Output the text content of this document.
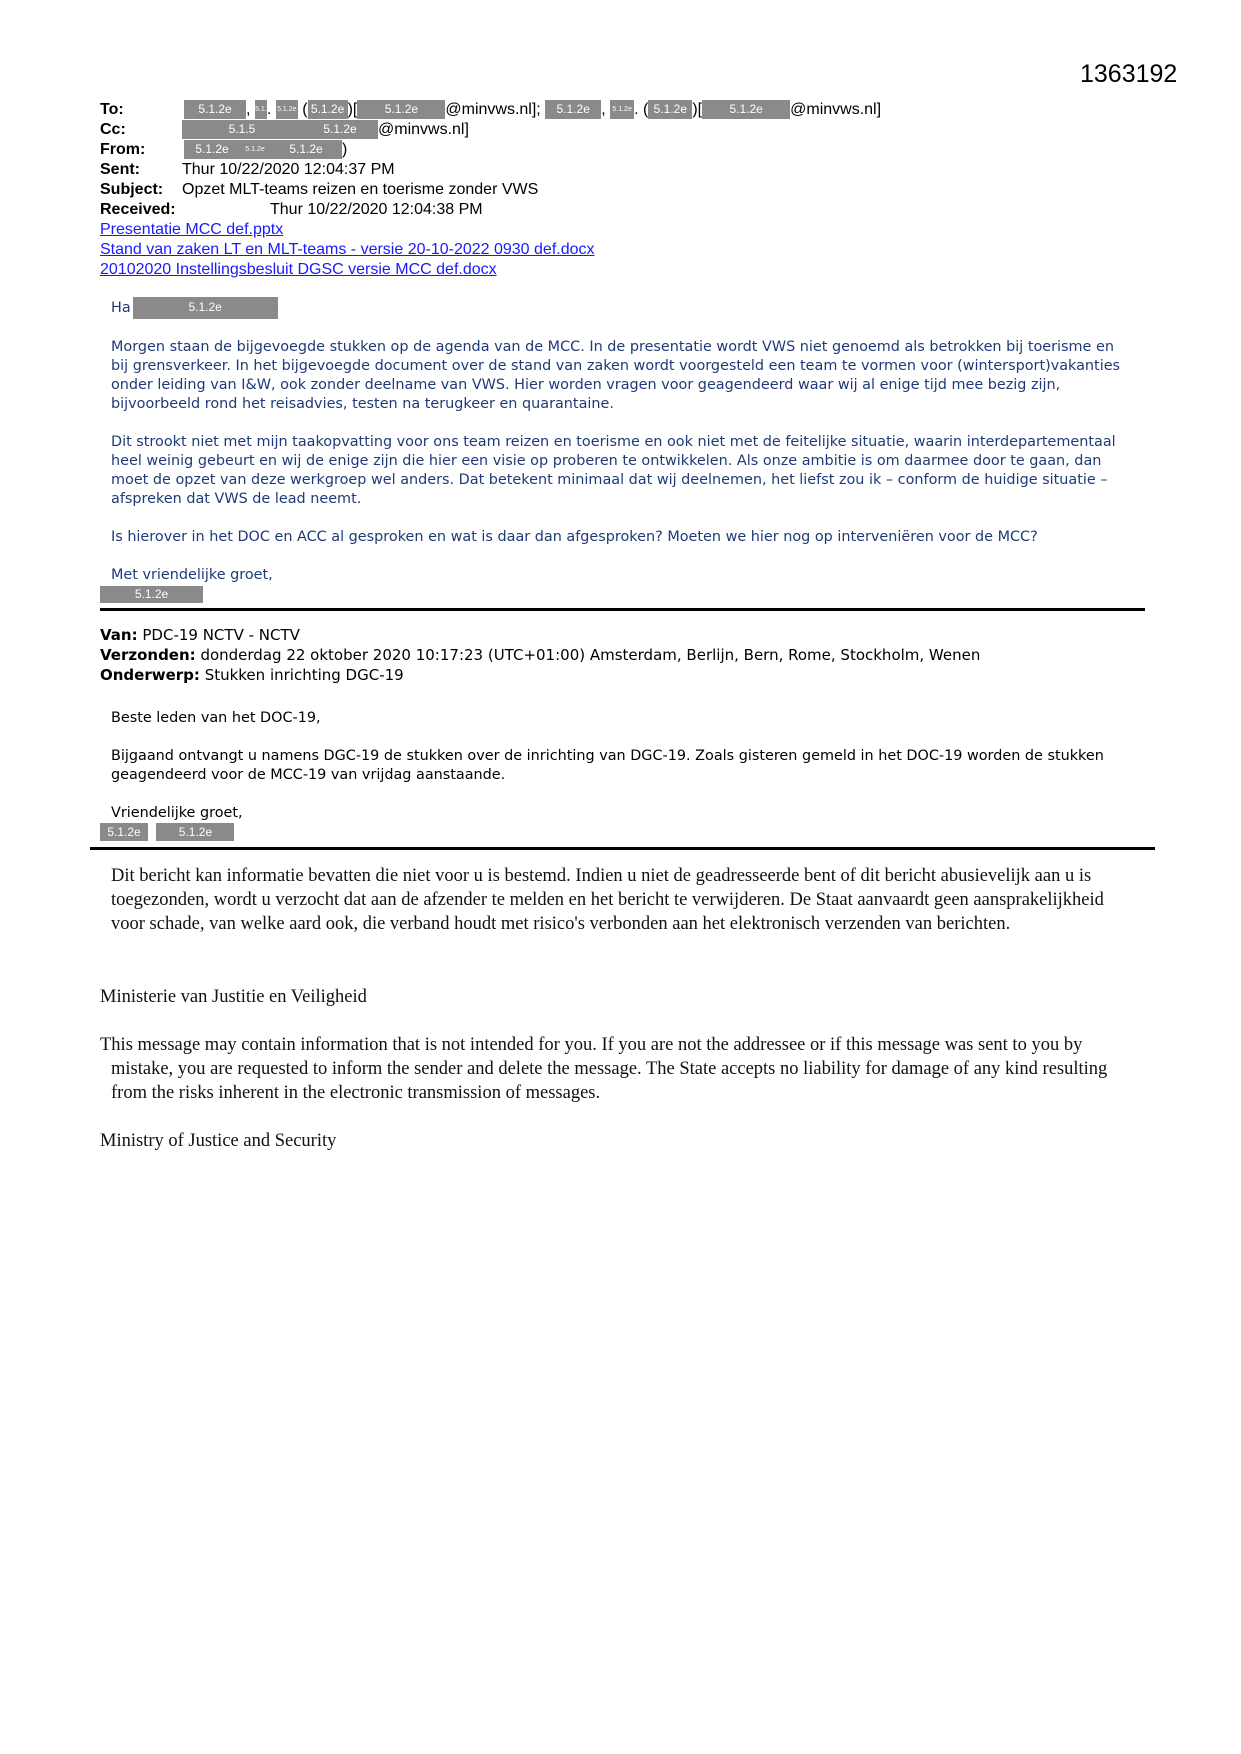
1363192
To:	5.1.2e , 5.1.. 5.1.2e ( 5.1.2e )[ 5.1.2e @minvws.nl]; 5.1.2e , 5.1.2e . ( 5.1.2e )[ 5.1.2e @minvws.nl]
Cc:	5.1.5	5.1.2e @minvws.nl]
From:	5.1.2e 5.1.2e 5.1.2e )
Sent:	Thur 10/22/2020 12:04:37 PM
Subject: Opzet MLT-teams reizen en toerisme zonder VWS
Received:	Thur 10/22/2020 12:04:38 PM
Presentatie MCC def.pptx
Stand van zaken LT en MLT-teams - versie 20-10-2022 0930 def.docx
20102020 Instellingsbesluit DGSC versie MCC def.docx
Ha	5.1.2e

Morgen staan de bijgevoegde stukken op de agenda van de MCC. In de presentatie wordt VWS niet genoemd als betrokken bij toerisme en bij grensverkeer. In het bijgevoegde document over de stand van zaken wordt voorgesteld een team te vormen voor (wintersport)vakanties onder leiding van I&W, ook zonder deelname van VWS. Hier worden vragen voor geagendeerd waar wij al enige tijd mee bezig zijn, bijvoorbeeld rond het reisadvies, testen na terugkeer en quarantaine.

Dit strookt niet met mijn taakopvatting voor ons team reizen en toerisme en ook niet met de feitelijke situatie, waarin interdepartementaal heel weinig gebeurt en wij de enige zijn die hier een visie op proberen te ontwikkelen. Als onze ambitie is om daarmee door te gaan, dan moet de opzet van deze werkgroep wel anders. Dat betekent minimaal dat wij deelnemen, het liefst zou ik – conform de huidige situatie – afspreken dat VWS de lead neemt.

Is hierover in het DOC en ACC al gesproken en wat is daar dan afgesproken? Moeten we hier nog op interveniëren voor de MCC?

Met vriendelijke groet,

5.1.2e
Van: PDC-19 NCTV - NCTV
Verzonden: donderdag 22 oktober 2020 10:17:23 (UTC+01:00) Amsterdam, Berlijn, Bern, Rome, Stockholm, Wenen
Onderwerp: Stukken inrichting DGC-19

Beste leden van het DOC-19,

Bijgaand ontvangt u namens DGC-19 de stukken over de inrichting van DGC-19. Zoals gisteren gemeld in het DOC-19 worden de stukken geagendeerd voor de MCC-19 van vrijdag aanstaande.

Vriendelijke groet,

5.1.2e	5.1.2e
Dit bericht kan informatie bevatten die niet voor u is bestemd. Indien u niet de geadresseerde bent of dit bericht abusievelijk aan u is toegezonden, wordt u verzocht dat aan de afzender te melden en het bericht te verwijderen. De Staat aanvaardt geen aansprakelijkheid voor schade, van welke aard ook, die verband houdt met risico's verbonden aan het elektronisch verzenden van berichten.
Ministerie van Justitie en Veiligheid
This message may contain information that is not intended for you. If you are not the addressee or if this message was sent to you by mistake, you are requested to inform the sender and delete the message. The State accepts no liability for damage of any kind resulting from the risks inherent in the electronic transmission of messages.
Ministry of Justice and Security
